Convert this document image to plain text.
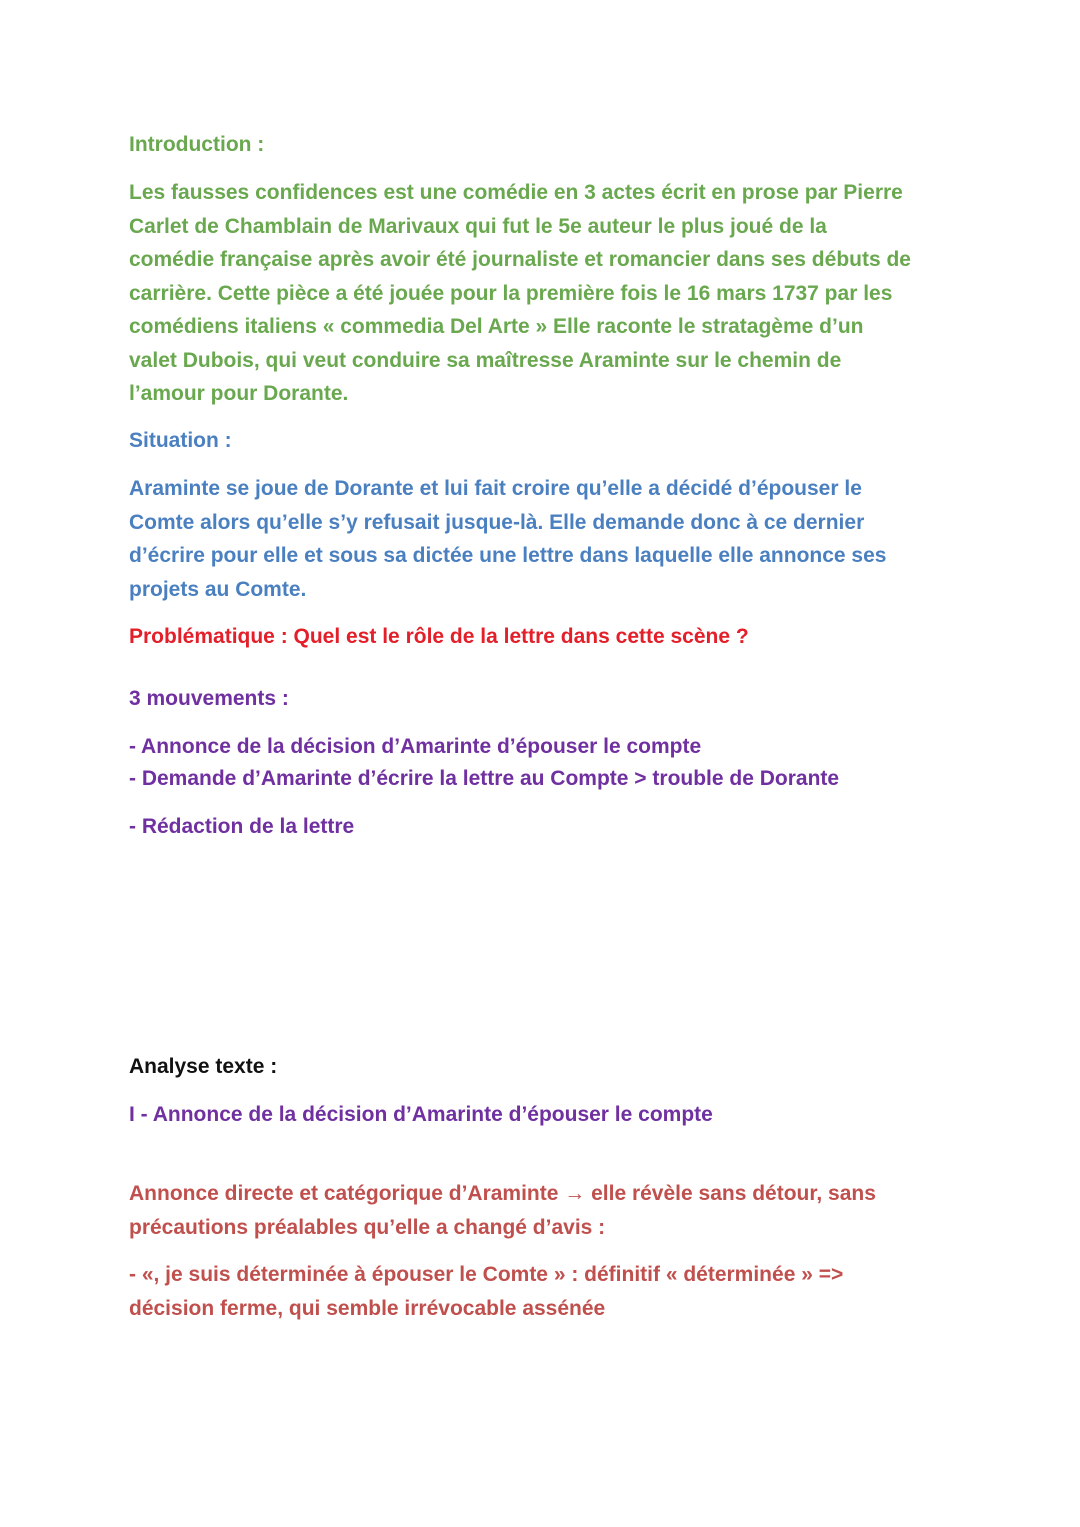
Introduction :

Les fausses confidences est une comédie en 3 actes écrit en prose par Pierre
Carlet de Chamblain de Marivaux qui fut le 5e auteur le plus joué de la
comédie française après avoir été journaliste et romancier dans ses débuts de
carrière. Cette pièce a été jouée pour la première fois le 16 mars 1737 par les
comédiens italiens « commedia Del Arte » Elle raconte le stratagème d’un
valet Dubois, qui veut conduire sa maîtresse Araminte sur le chemin de
l’amour pour Dorante.

Situation :

Araminte se joue de Dorante et lui fait croire qu’elle a décidé d’épouser le
Comte alors qu’elle s’y refusait jusque-là. Elle demande donc à ce dernier
d’écrire pour elle et sous sa dictée une lettre dans laquelle elle annonce ses
projets au Comte.

Problématique : Quel est le rôle de la lettre dans cette scène ?

3 mouvements :

- Annonce de la décision d’Amarinte d’épouser le compte
- Demande d’Amarinte d’écrire la lettre au Compte > trouble de Dorante

- Rédaction de la lettre

Analyse texte :

I - Annonce de la décision d’Amarinte d’épouser le compte

Annonce directe et catégorique d’Araminte → elle révèle sans détour, sans
précautions préalables qu’elle a changé d’avis :

- «, je suis déterminée à épouser le Comte » : définitif « déterminée » =>
décision ferme, qui semble irrévocable assénée
